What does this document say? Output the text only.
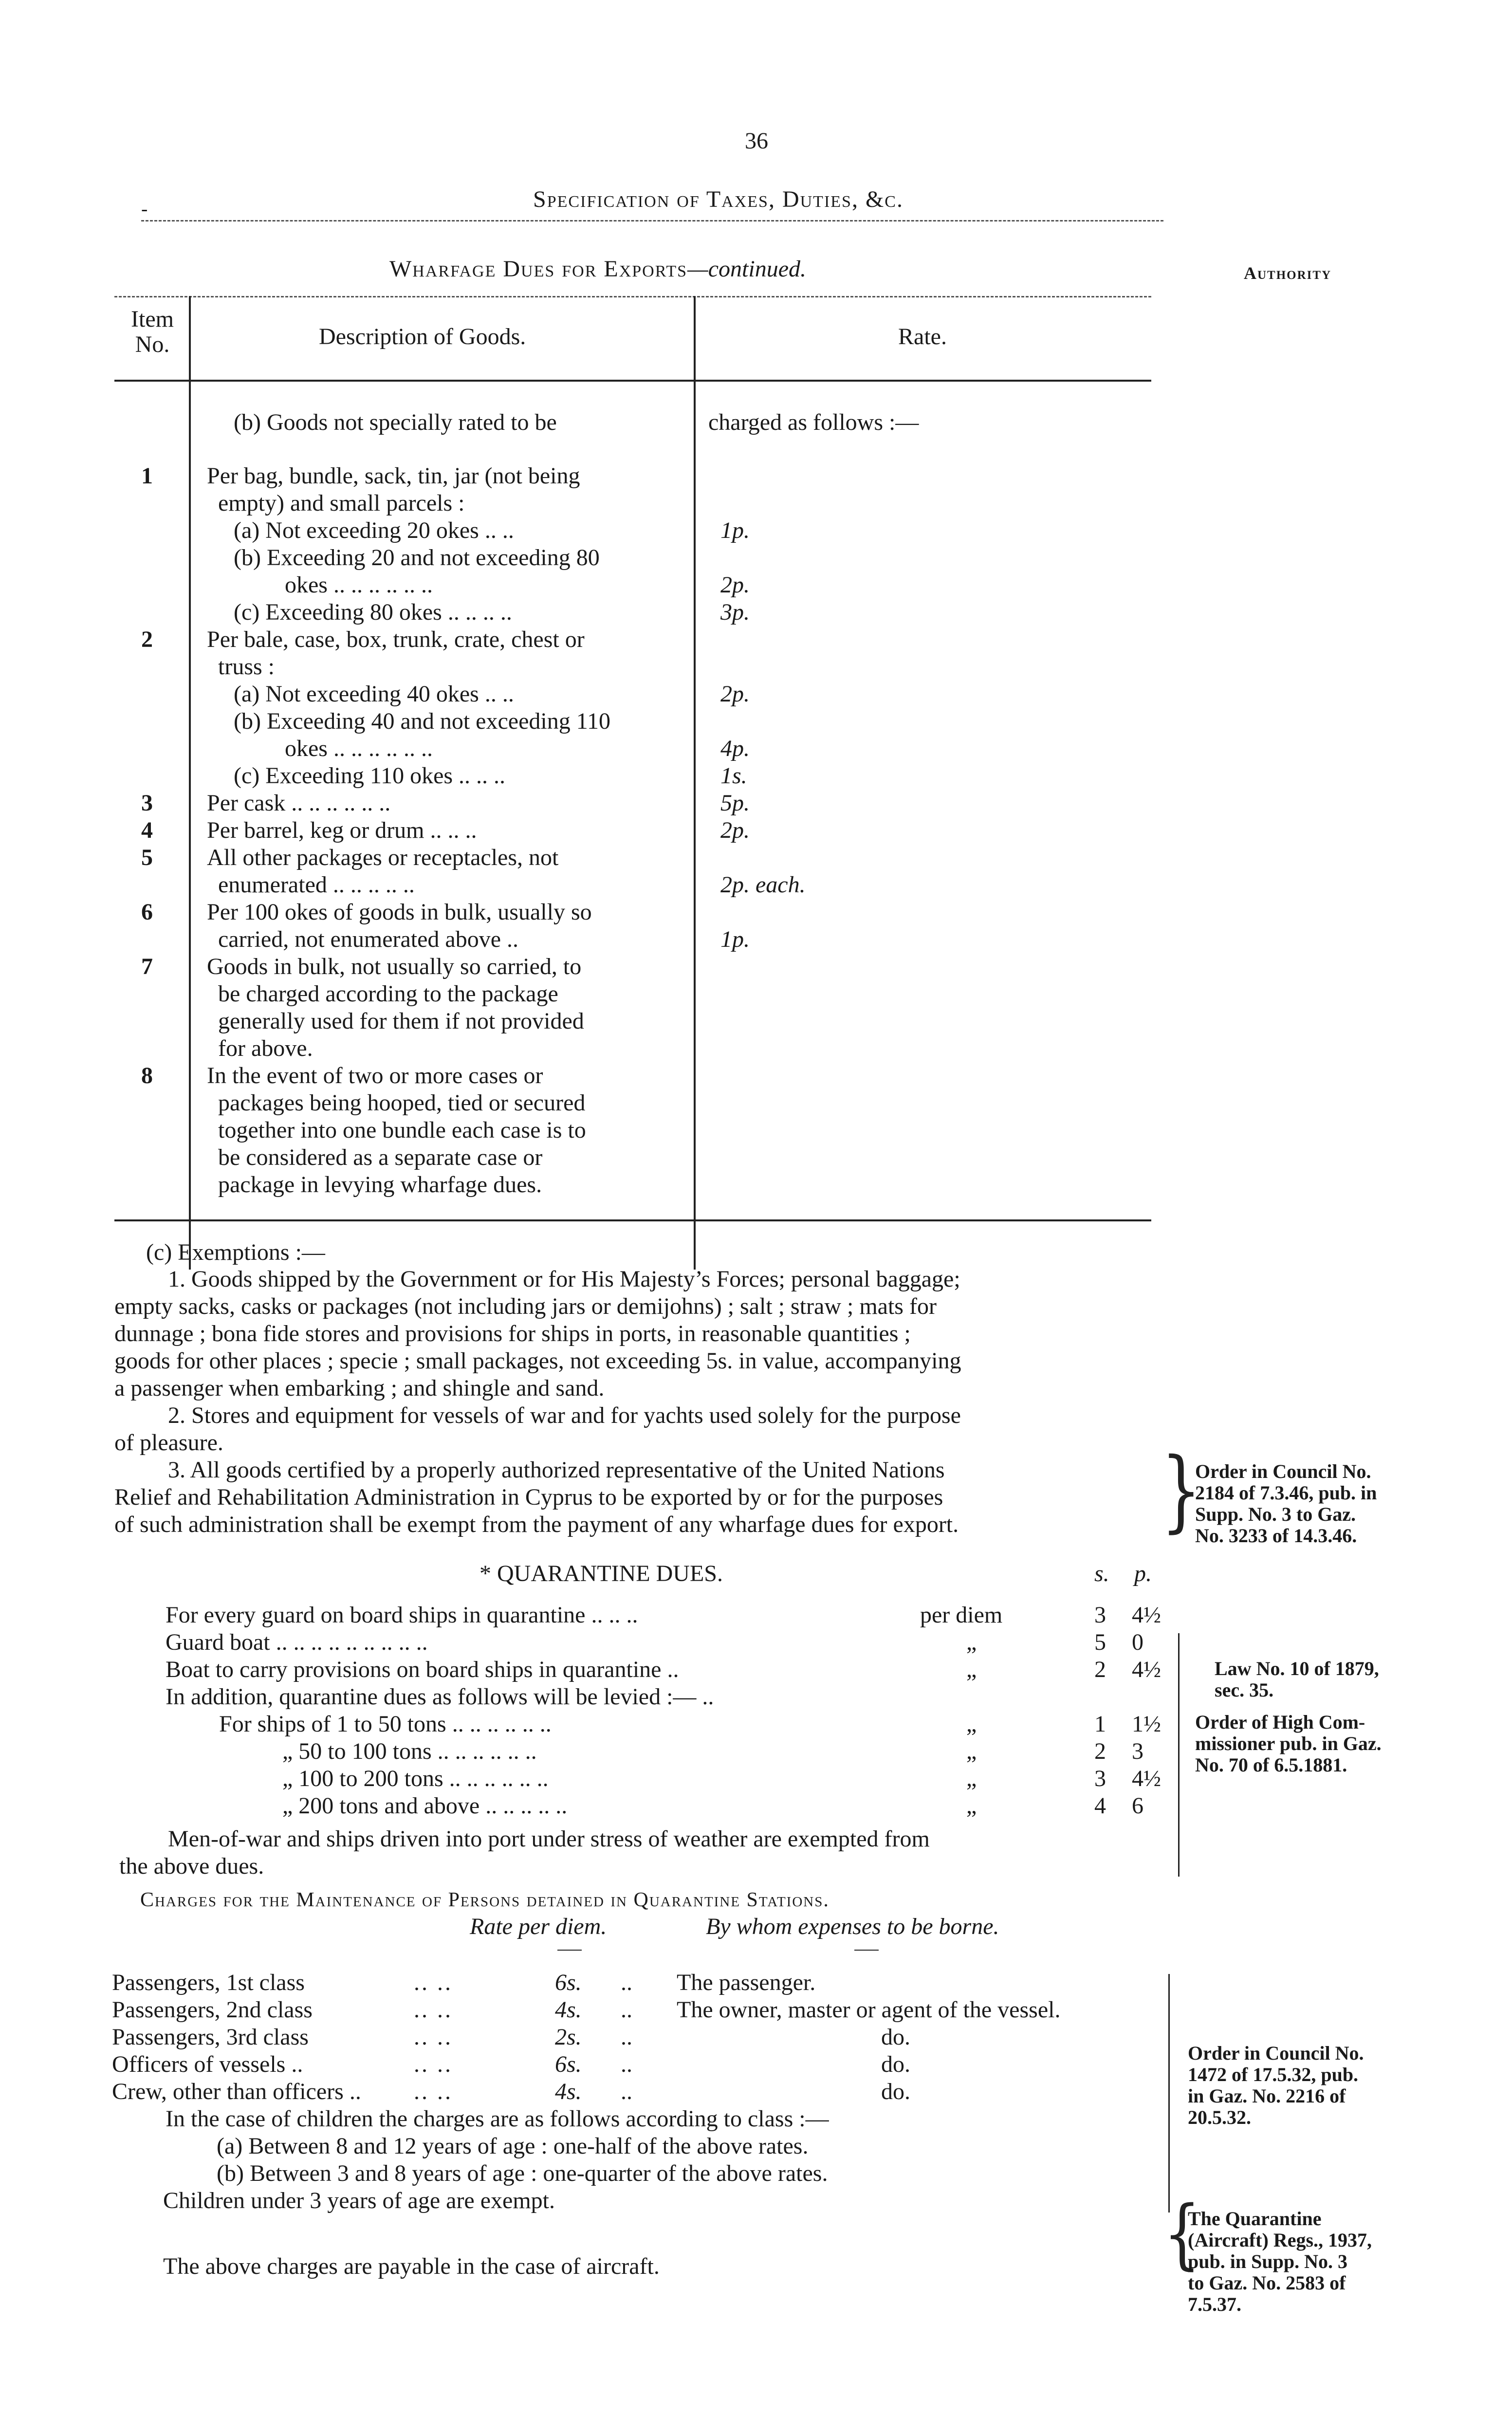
36
Specification of Taxes, Duties, &c.
-
Wharfage Dues for Exports—continued.	Authority
Item
No.	Description of Goods.	Rate.
(b) Goods not specially rated to be	charged as follows :—
1 Per bag, bundle, sack, tin, jar (not being
empty) and small parcels :
(a) Not exceeding 20 okes .. ..	1p.
(b) Exceeding 20 and not exceeding 80
okes .. .. .. .. .. ..	2p.
(c) Exceeding 80 okes .. .. .. ..	3p.
2 Per bale, case, box, trunk, crate, chest or
truss :
(a) Not exceeding 40 okes .. ..	2p.
(b) Exceeding 40 and not exceeding 110
okes .. .. .. .. .. ..	4p.
(c) Exceeding 110 okes .. .. ..	1s.
3 Per cask .. .. .. .. .. ..	5p.
4 Per barrel, keg or drum .. .. ..	2p.
5 All other packages or receptacles, not
enumerated .. .. .. .. ..	2p. each.
6 Per 100 okes of goods in bulk, usually so
carried, not enumerated above ..	1p.
7 Goods in bulk, not usually so carried, to
be charged according to the package
generally used for them if not provided
for above.
8 In the event of two or more cases or
packages being hooped, tied or secured
together into one bundle each case is to
be considered as a separate case or
package in levying wharfage dues.
(c) Exemptions :—
1. Goods shipped by the Government or for His Majesty’s Forces; personal baggage;
empty sacks, casks or packages (not including jars or demijohns) ; salt ; straw ; mats for
dunnage ; bona fide stores and provisions for ships in ports, in reasonable quantities ;
goods for other places ; specie ; small packages, not exceeding 5s. in value, accompanying
a passenger when embarking ; and shingle and sand.
2. Stores and equipment for vessels of war and for yachts used solely for the purpose
of pleasure.
3. All goods certified by a properly authorized representative of the United Nations
Relief and Rehabilitation Administration in Cyprus to be exported by or for the purposes
of such administration shall be exempt from the payment of any wharfage dues for export.	}
Order in Council No.
2184 of 7.3.46, pub. in
Supp. No. 3 to Gaz.
No. 3233 of 14.3.46.
* QUARANTINE DUES.	s. p.
For every guard on board ships in quarantine .. .. ..	per diem	3 4½
Guard boat .. .. .. .. .. .. .. .. ..	„	5 0
Boat to carry provisions on board ships in quarantine ..	„	2 4½
In addition, quarantine dues as follows will be levied :— ..
For ships of 1 to 50 tons .. .. .. .. .. ..	„	1 1½
„ 50 to 100 tons .. .. .. .. .. ..	„	2 3
„ 100 to 200 tons .. .. .. .. .. ..	„	3 4½
„ 200 tons and above .. .. .. .. ..	„	4 6
Men-of-war and ships driven into port under stress of weather are exempted from
the above dues.
Law No. 10 of 1879,
sec. 35.
Order of High Com-
missioner pub. in Gaz.
No. 70 of 6.5.1881.
Charges for the Maintenance of Persons detained in Quarantine Stations.
Rate per diem.	By whom expenses to be borne.
Passengers, 1st class	.. ..	6s. .. The passenger.
Passengers, 2nd class	.. ..	4s. .. The owner, master or agent of the vessel.
Passengers, 3rd class	.. ..	2s. ..	do.
Officers of vessels ..	.. ..	6s. ..	do.
Crew, other than officers .. .. ..	4s. ..	do.
In the case of children the charges are as follows according to class :—
(a) Between 8 and 12 years of age : one-half of the above rates.
(b) Between 3 and 8 years of age : one-quarter of the above rates.
Children under 3 years of age are exempt.
The above charges are payable in the case of aircraft.
Order in Council No.
1472 of 17.5.32, pub.
in Gaz. No. 2216 of
20.5.32.
{
The Quarantine
(Aircraft) Regs., 1937,
pub. in Supp. No. 3
to Gaz. No. 2583 of
7.5.37.
